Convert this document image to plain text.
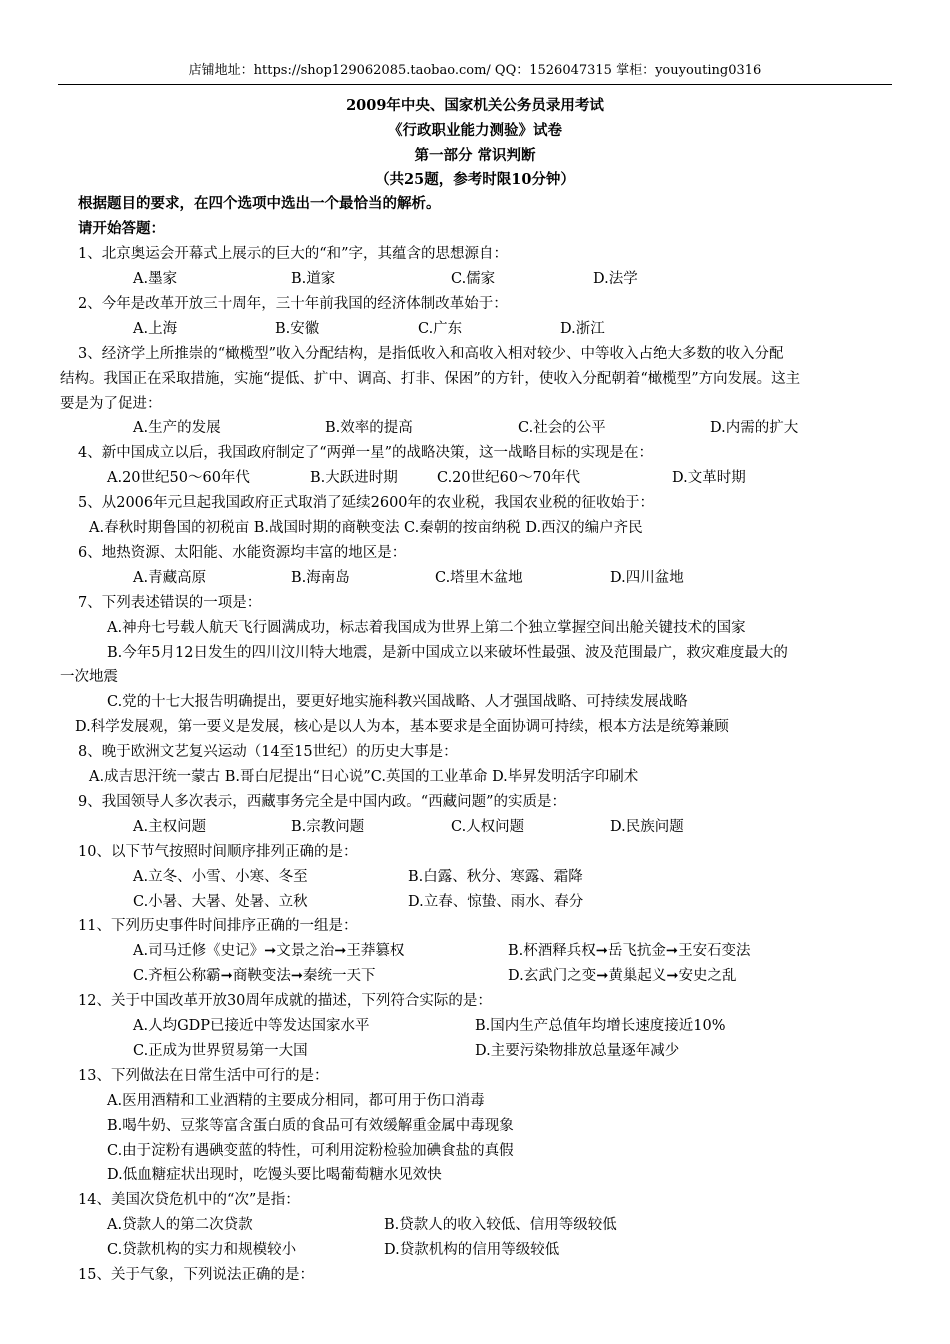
店铺地址：https://shop129062085.taobao.com/ QQ：1526047315 掌柜：youyouting0316
2009年中央、国家机关公务员录用考试
《行政职业能力测验》试卷
第一部分 常识判断
（共25题，参考时限10分钟）
根据题目的要求，在四个选项中选出一个最恰当的解析。
请开始答题：
1、北京奥运会开幕式上展示的巨大的“和”字，其蕴含的思想源自：
A.墨家	B.道家	C.儒家	D.法学
2、今年是改革开放三十周年，三十年前我国的经济体制改革始于：
A.上海	B.安徽	C.广东	D.浙江
3、经济学上所推崇的“橄榄型”收入分配结构，是指低收入和高收入相对较少、中等收入占绝大多数的收入分配
结构。我国正在采取措施，实施“提低、扩中、调高、打非、保困”的方针，使收入分配朝着“橄榄型”方向发展。这主
要是为了促进：
A.生产的发展	B.效率的提高	C.社会的公平	D.内需的扩大
4、新中国成立以后，我国政府制定了“两弹一星”的战略决策，这一战略目标的实现是在：
A.20世纪50～60年代	B.大跃进时期	C.20世纪60～70年代	D.文革时期
5、从2006年元旦起我国政府正式取消了延续2600年的农业税，我国农业税的征收始于：
A.春秋时期鲁国的初税亩 B.战国时期的商鞅变法 C.秦朝的按亩纳税 D.西汉的编户齐民
6、地热资源、太阳能、水能资源均丰富的地区是：
A.青藏高原	B.海南岛	C.塔里木盆地	D.四川盆地
7、下列表述错误的一项是：
A.神舟七号载人航天飞行圆满成功，标志着我国成为世界上第二个独立掌握空间出舱关键技术的国家
B.今年5月12日发生的四川汶川特大地震，是新中国成立以来破坏性最强、波及范围最广，救灾难度最大的
一次地震
C.党的十七大报告明确提出，要更好地实施科教兴国战略、人才强国战略、可持续发展战略
D.科学发展观，第一要义是发展，核心是以人为本，基本要求是全面协调可持续，根本方法是统筹兼顾
8、晚于欧洲文艺复兴运动（14至15世纪）的历史大事是：
A.成吉思汗统一蒙古 B.哥白尼提出“日心说”C.英国的工业革命 D.毕昇发明活字印刷术
9、我国领导人多次表示，西藏事务完全是中国内政。“西藏问题”的实质是：
A.主权问题	B.宗教问题	C.人权问题	D.民族问题
10、以下节气按照时间顺序排列正确的是：
A.立冬、小雪、小寒、冬至	B.白露、秋分、寒露、霜降
C.小暑、大暑、处暑、立秋	D.立春、惊蛰、雨水、春分
11、下列历史事件时间排序正确的一组是：
A.司马迁修《史记》➞文景之治➞王莽篡权	B.杯酒释兵权➞岳飞抗金➞王安石变法
C.齐桓公称霸➞商鞅变法➞秦统一天下	D.玄武门之变➞黄巢起义➞安史之乱
12、关于中国改革开放30周年成就的描述，下列符合实际的是：
A.人均GDP已接近中等发达国家水平	B.国内生产总值年均增长速度接近10%
C.正成为世界贸易第一大国	D.主要污染物排放总量逐年减少
13、下列做法在日常生活中可行的是：
A.医用酒精和工业酒精的主要成分相同，都可用于伤口消毒
B.喝牛奶、豆浆等富含蛋白质的食品可有效缓解重金属中毒现象
C.由于淀粉有遇碘变蓝的特性，可利用淀粉检验加碘食盐的真假
D.低血糖症状出现时，吃馒头要比喝葡萄糖水见效快
14、美国次贷危机中的“次”是指：
A.贷款人的第二次贷款	B.贷款人的收入较低、信用等级较低
C.贷款机构的实力和规模较小	D.贷款机构的信用等级较低
15、关于气象，下列说法正确的是：
